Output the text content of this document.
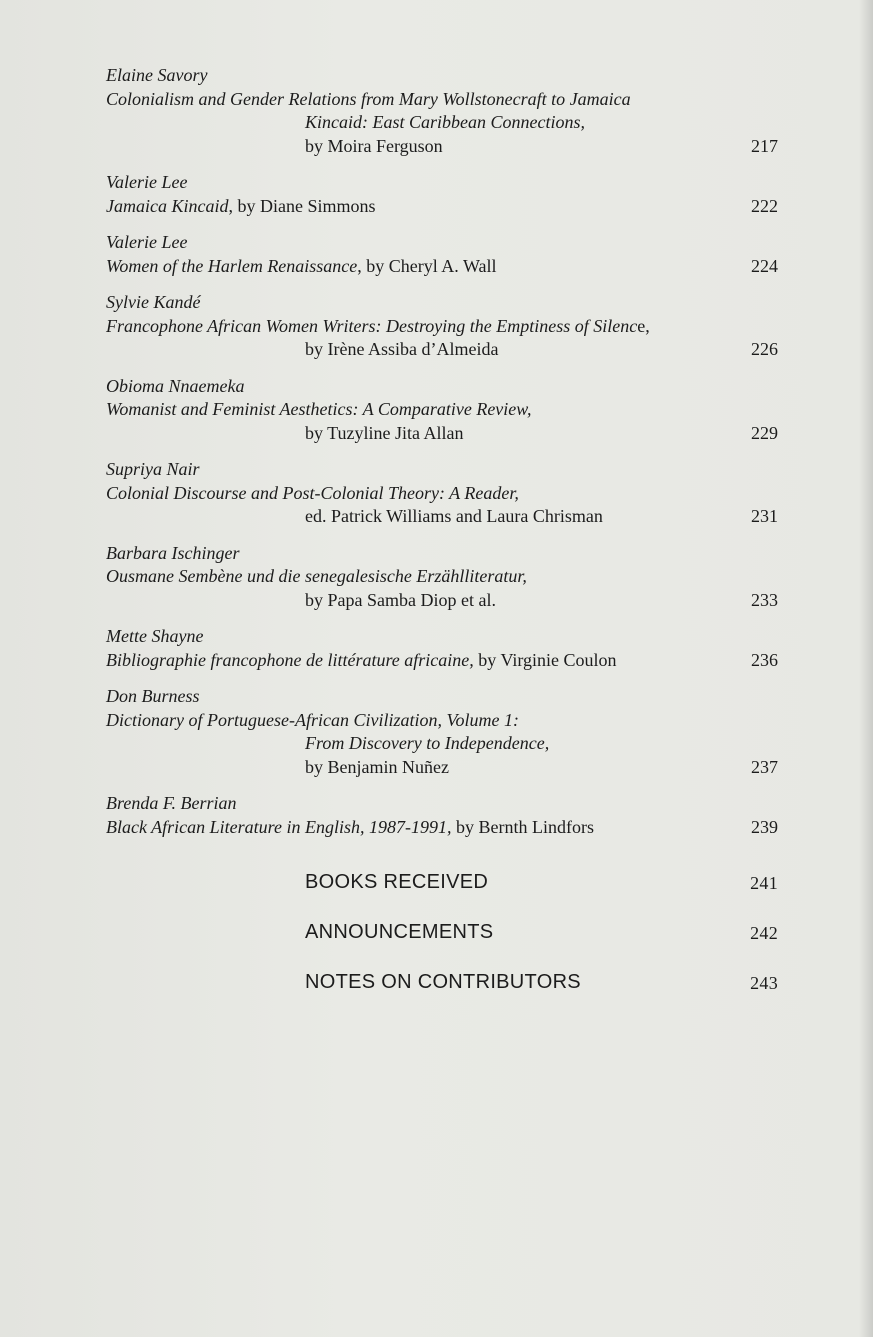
Elaine Savory
Colonialism and Gender Relations from Mary Wollstonecraft to Jamaica
Kincaid: East Caribbean Connections,
by Moira Ferguson	217
Valerie Lee
Jamaica Kincaid, by Diane Simmons	222
Valerie Lee
Women of the Harlem Renaissance, by Cheryl A. Wall	224
Sylvie Kandé
Francophone African Women Writers: Destroying the Emptiness of Silence,
by Irène Assiba d’Almeida	226
Obioma Nnaemeka
Womanist and Feminist Aesthetics: A Comparative Review,
by Tuzyline Jita Allan	229
Supriya Nair
Colonial Discourse and Post-Colonial Theory: A Reader,
ed. Patrick Williams and Laura Chrisman	231
Barbara Ischinger
Ousmane Sembène und die senegalesische Erzählliteratur,
by Papa Samba Diop et al.	233
Mette Shayne
Bibliographie francophone de littérature africaine, by Virginie Coulon	236
Don Burness
Dictionary of Portuguese-African Civilization, Volume 1:
From Discovery to Independence,
by Benjamin Nuñez	237
Brenda F. Berrian
Black African Literature in English, 1987-1991, by Bernth Lindfors	239
BOOKS RECEIVED	241
ANNOUNCEMENTS	242
NOTES ON CONTRIBUTORS	243
